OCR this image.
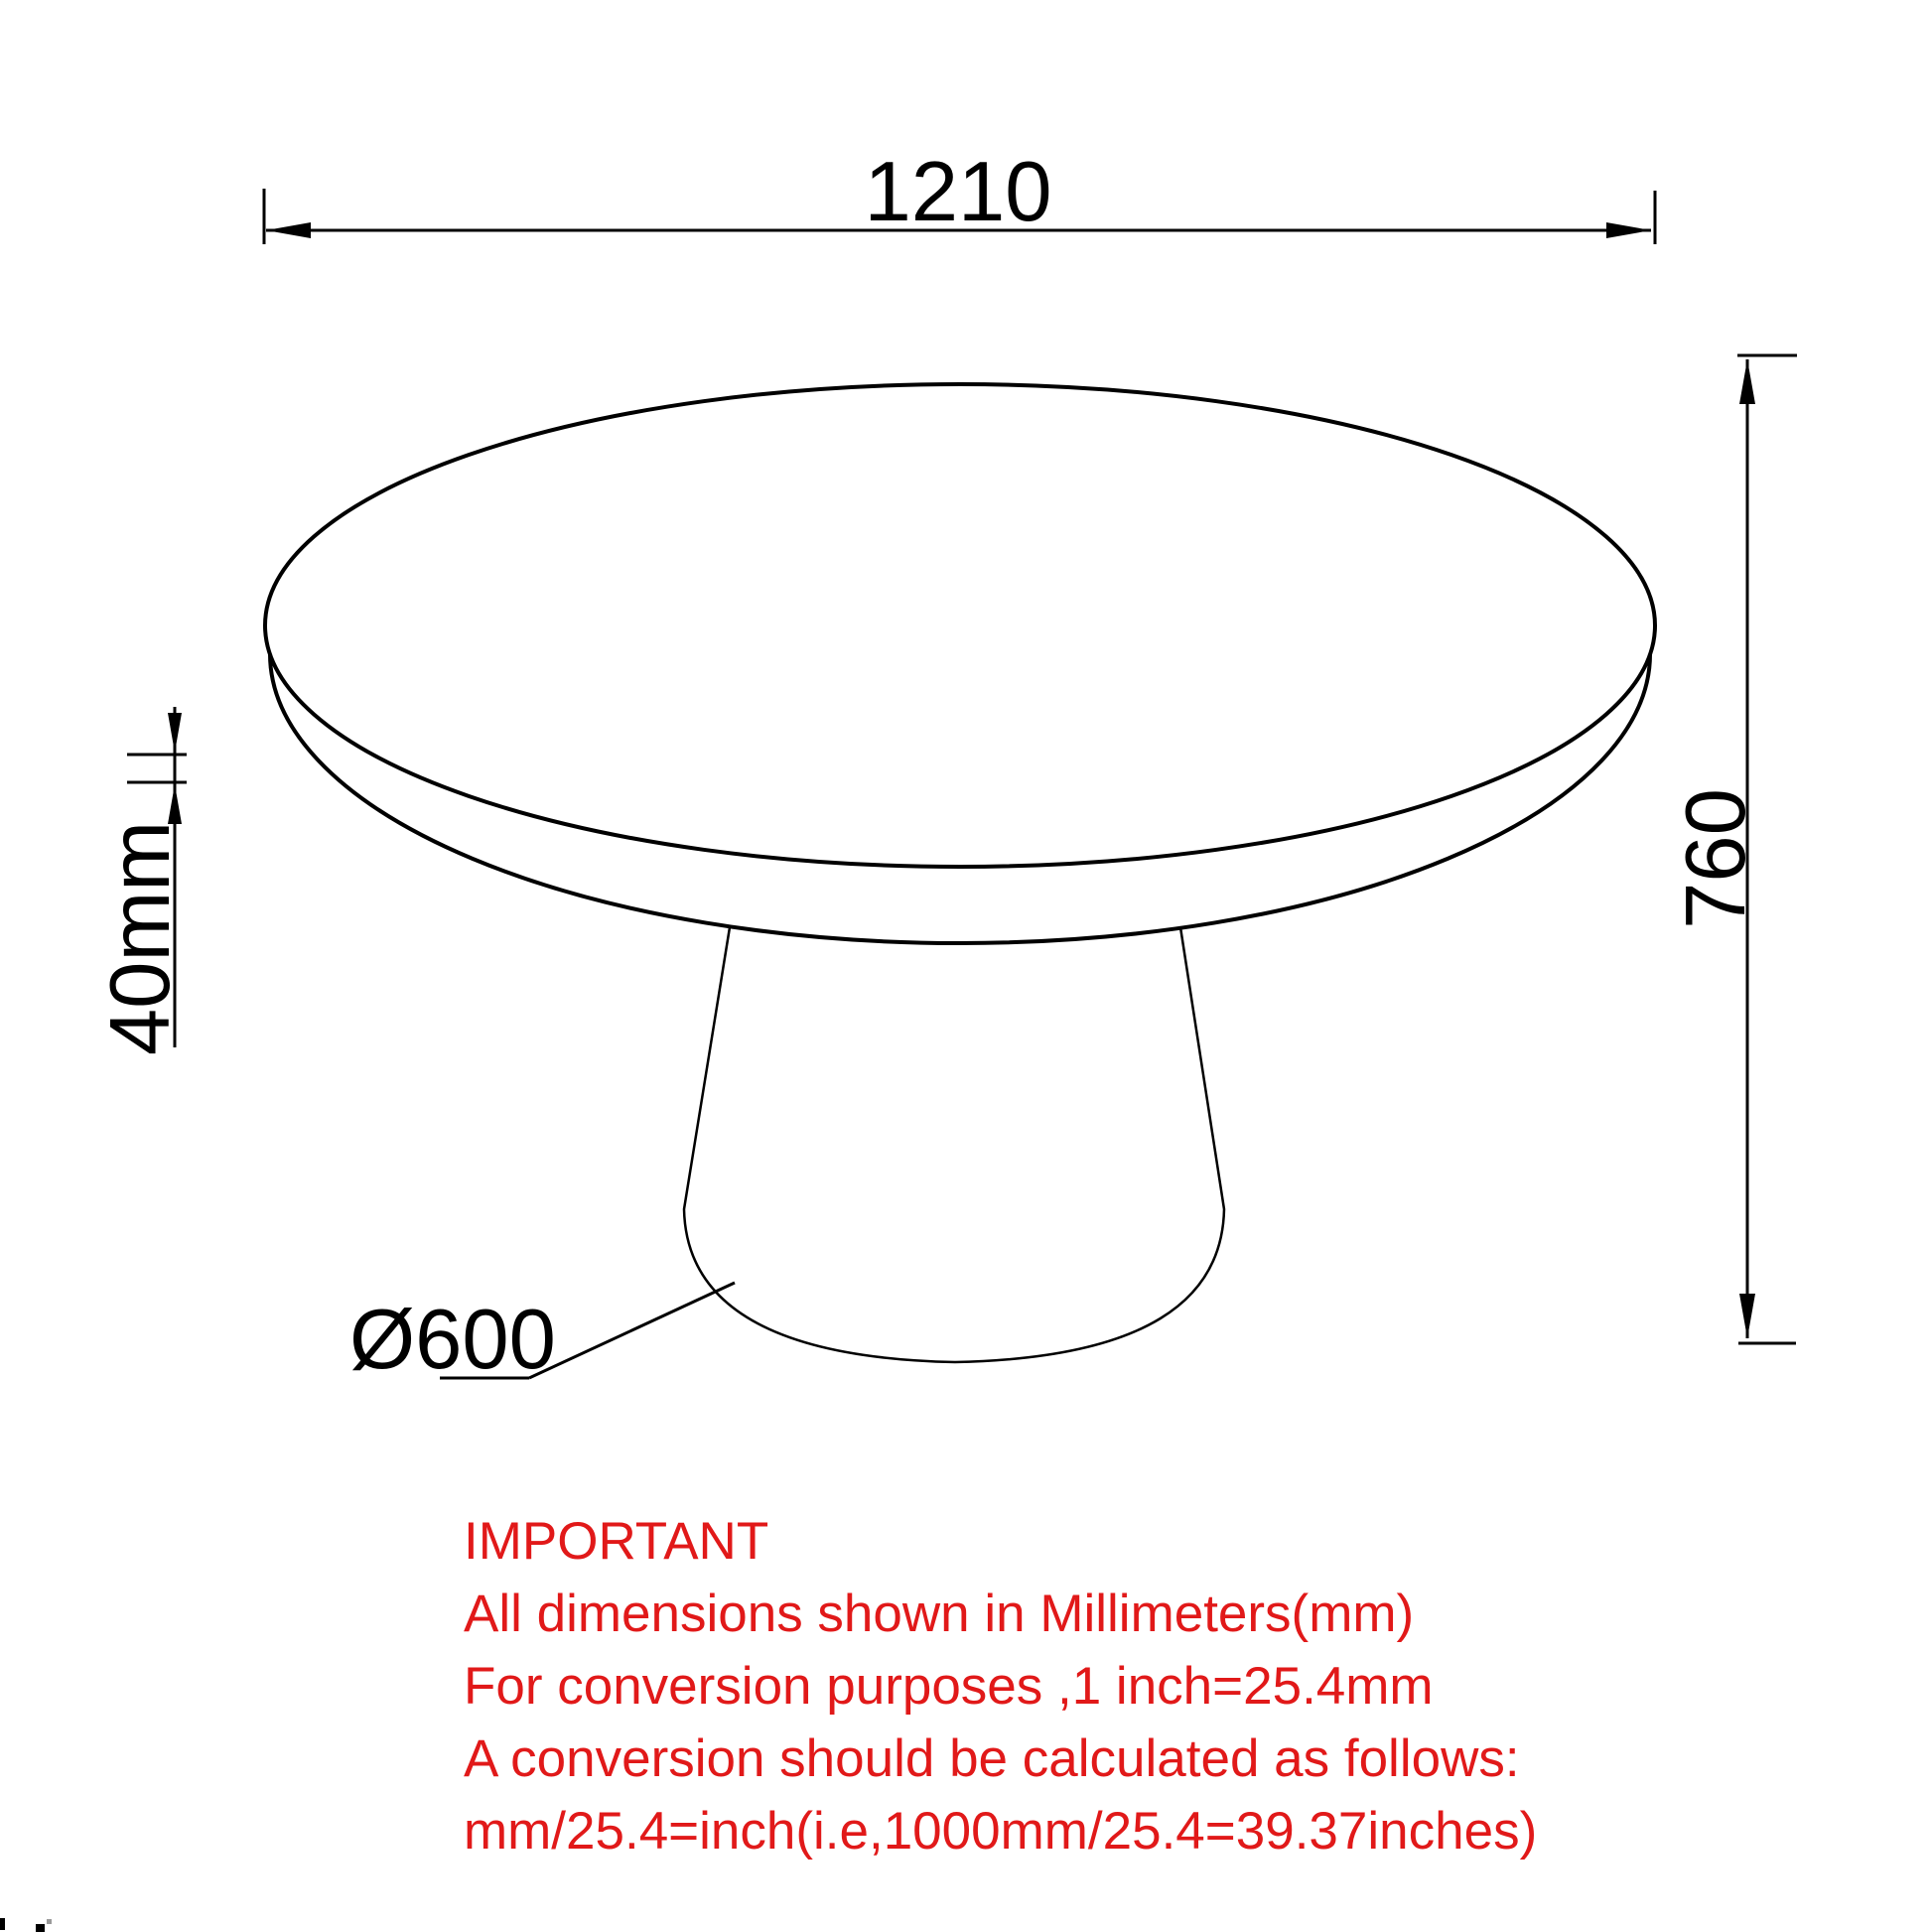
1210
760
40mm
Ø600
IMPORTANT
All dimensions shown in Millimeters(mm)
For conversion purposes ,1 inch=25.4mm
A conversion should be calculated as follows:
mm/25.4=inch(i.e,1000mm/25.4=39.37inches)
